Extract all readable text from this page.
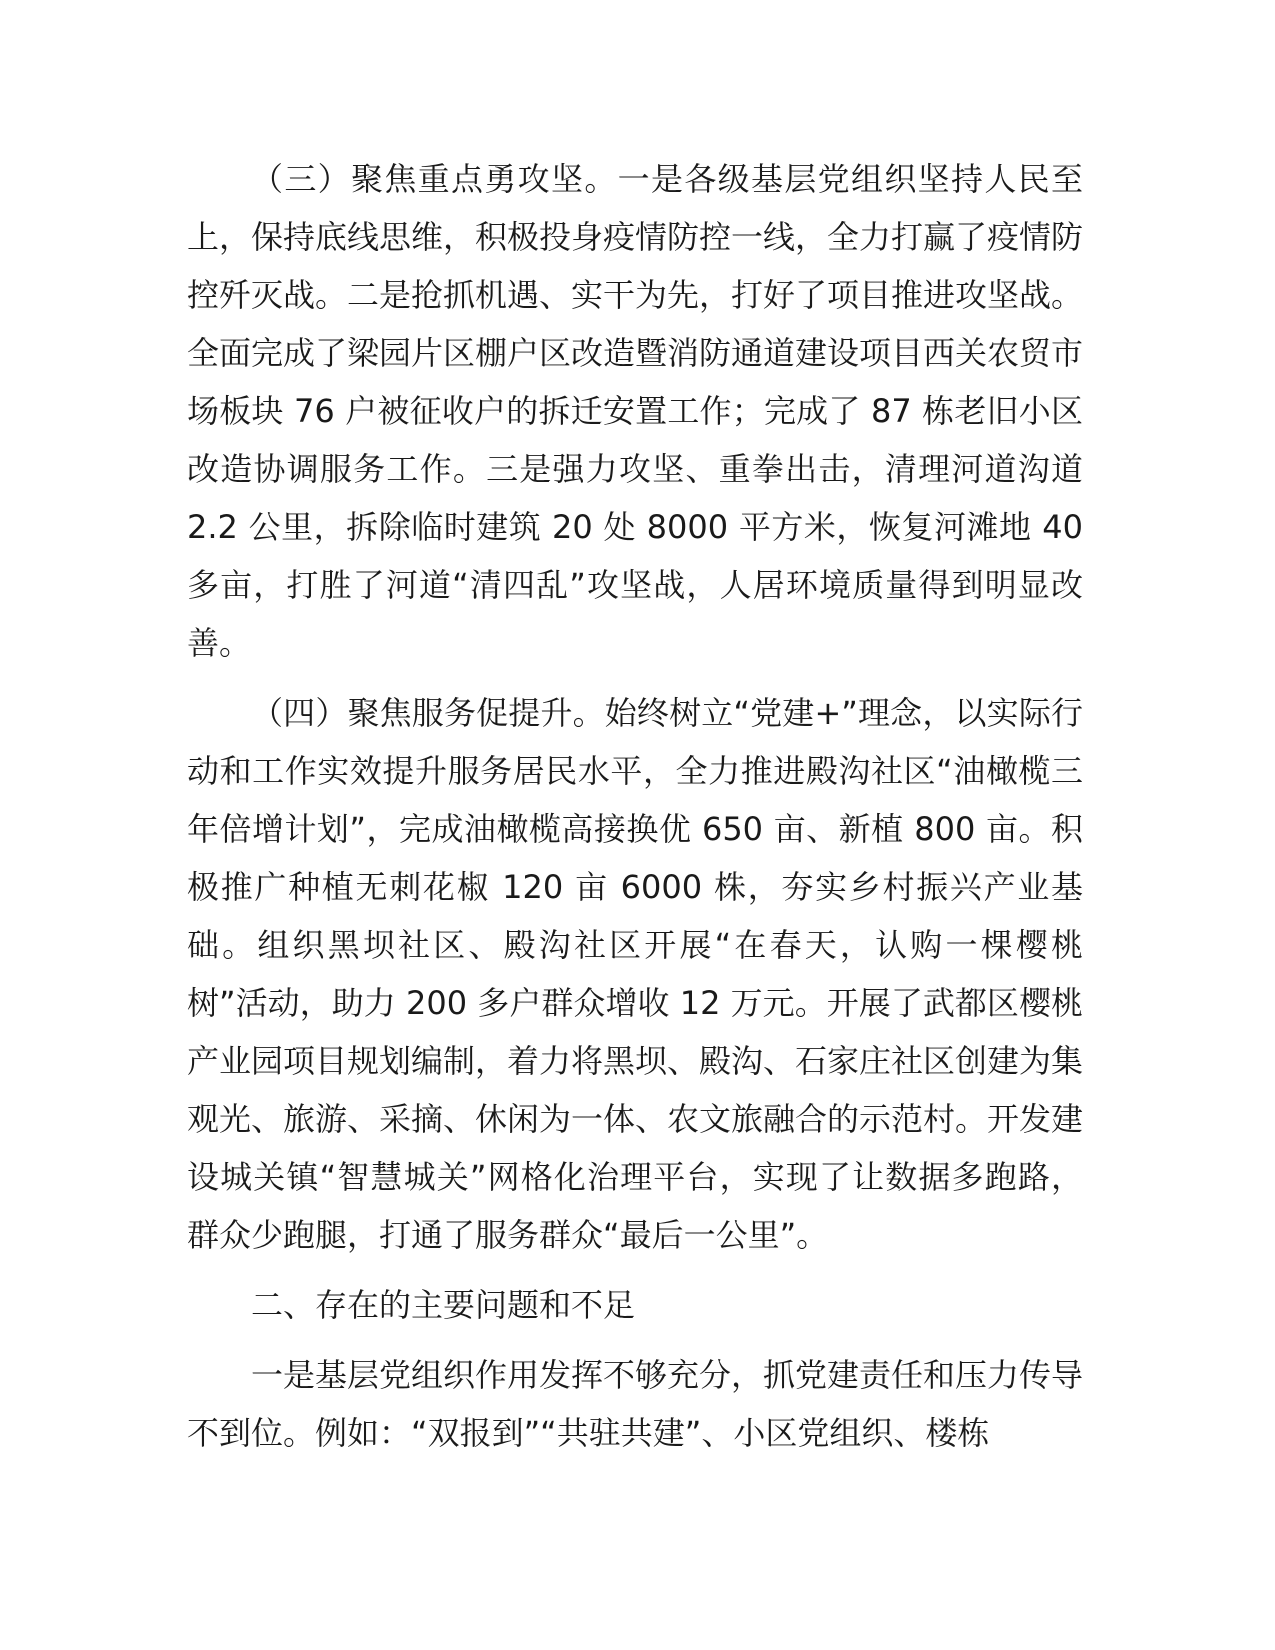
（三）聚焦重点勇攻坚。一是各级基层党组织坚持人民至上，保持底线思维，积极投身疫情防控一线，全力打赢了疫情防控歼灭战。二是抢抓机遇、实干为先，打好了项目推进攻坚战。全面完成了梁园片区棚户区改造暨消防通道建设项目西关农贸市场板块 76 户被征收户的拆迁安置工作；完成了 87 栋老旧小区改造协调服务工作。三是强力攻坚、重拳出击，清理河道沟道 2.2 公里，拆除临时建筑 20 处 8000 平方米，恢复河滩地 40 多亩，打胜了河道“清四乱”攻坚战，人居环境质量得到明显改善。

（四）聚焦服务促提升。始终树立“党建+”理念，以实际行动和工作实效提升服务居民水平，全力推进殿沟社区“油橄榄三年倍增计划”，完成油橄榄高接换优 650 亩、新植 800 亩。积极推广种植无刺花椒 120 亩 6000 株，夯实乡村振兴产业基础。组织黑坝社区、殿沟社区开展“在春天，认购一棵樱桃树”活动，助力 200 多户群众增收 12 万元。开展了武都区樱桃产业园项目规划编制，着力将黑坝、殿沟、石家庄社区创建为集观光、旅游、采摘、休闲为一体、农文旅融合的示范村。开发建设城关镇“智慧城关”网格化治理平台，实现了让数据多跑路，群众少跑腿，打通了服务群众“最后一公里”。

二、存在的主要问题和不足

一是基层党组织作用发挥不够充分，抓党建责任和压力传导不到位。例如：“双报到”“共驻共建”、小区党组织、楼栋
